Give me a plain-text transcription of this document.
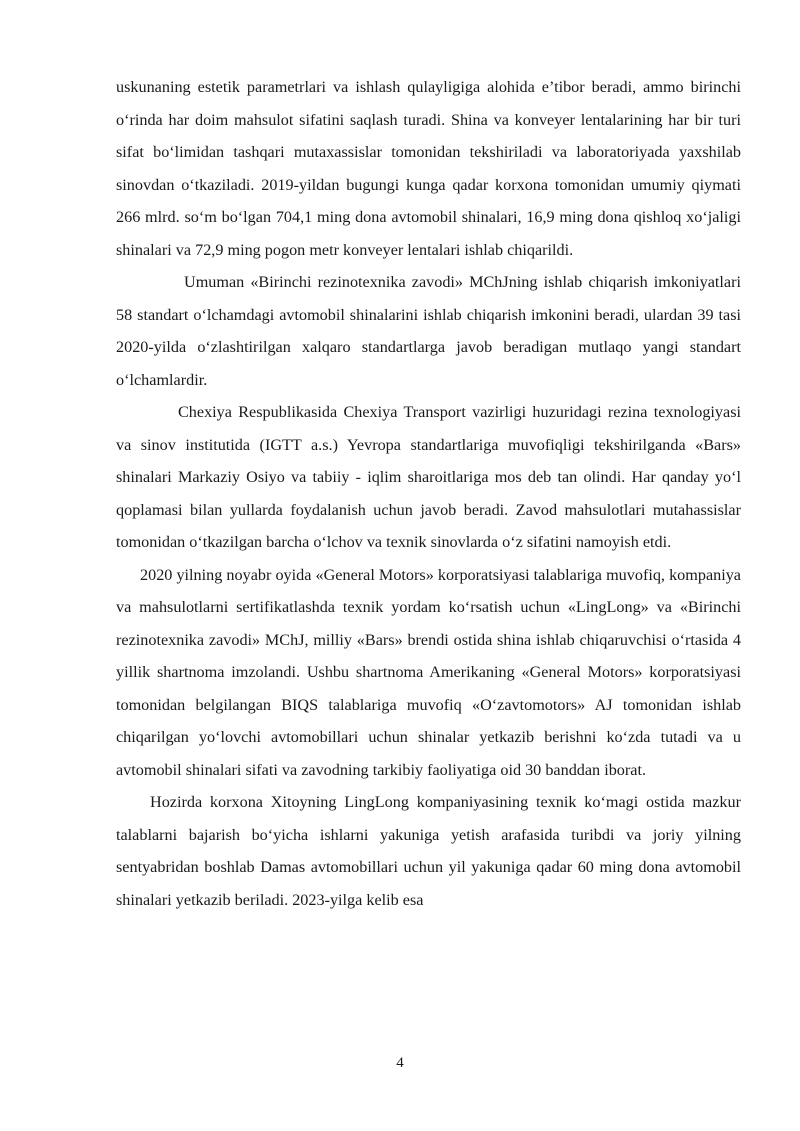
uskunaning estetik parametrlari va ishlash qulayligiga alohida e’tibor beradi, ammo birinchi o‘rinda har doim mahsulot sifatini saqlash turadi. Shina va konveyer lentalarining har bir turi sifat bo‘limidan tashqari mutaxassislar tomonidan tekshiriladi va laboratoriyada yaxshilab sinovdan o‘tkaziladi. 2019-yildan bugungi kunga qadar korxona tomonidan umumiy qiymati 266 mlrd. so‘m bo‘lgan 704,1 ming dona avtomobil shinalari, 16,9 ming dona qishloq xo‘jaligi shinalari va 72,9 ming pogon metr konveyer lentalari ishlab chiqarildi.

Umuman «Birinchi rezinotexnika zavodi» MChJning ishlab chiqarish imkoniyatlari 58 standart o‘lchamdagi avtomobil shinalarini ishlab chiqarish imkonini beradi, ulardan 39 tasi 2020-yilda o‘zlashtirilgan xalqaro standartlarga javob beradigan mutlaqo yangi standart o‘lchamlardir.

Chexiya Respublikasida Chexiya Transport vazirligi huzuridagi rezina texnologiyasi va sinov institutida (IGTT a.s.) Yevropa standartlariga muvofiqligi tekshirilganda «Bars» shinalari Markaziy Osiyo va tabiiy - iqlim sharoitlariga mos deb tan olindi. Har qanday yo‘l qoplamasi bilan yullarda foydalanish uchun javob beradi. Zavod mahsulotlari mutahassislar tomonidan o‘tkazilgan barcha o‘lchov va texnik sinovlarda o‘z sifatini namoyish etdi.

2020 yilning noyabr oyida «General Motors» korporatsiyasi talablariga muvofiq, kompaniya va mahsulotlarni sertifikatlashda texnik yordam ko‘rsatish uchun «LingLong» va «Birinchi rezinotexnika zavodi» MChJ, milliy «Bars» brendi ostida shina ishlab chiqaruvchisi o‘rtasida 4 yillik shartnoma imzolandi. Ushbu shartnoma Amerikaning «General Motors» korporatsiyasi tomonidan belgilangan BIQS talablariga muvofiq «O‘zavtomotors» AJ tomonidan ishlab chiqarilgan yo‘lovchi avtomobillari uchun shinalar yetkazib berishni ko‘zda tutadi va u avtomobil shinalari sifati va zavodning tarkibiy faoliyatiga oid 30 banddan iborat.

Hozirda korxona Xitoyning LingLong kompaniyasining texnik ko‘magi ostida mazkur talablarni bajarish bo‘yicha ishlarni yakuniga yetish arafasida turibdi va joriy yilning sentyabridan boshlab Damas avtomobillari uchun yil yakuniga qadar 60 ming dona avtomobil shinalari yetkazib beriladi. 2023-yilga kelib esa

4
